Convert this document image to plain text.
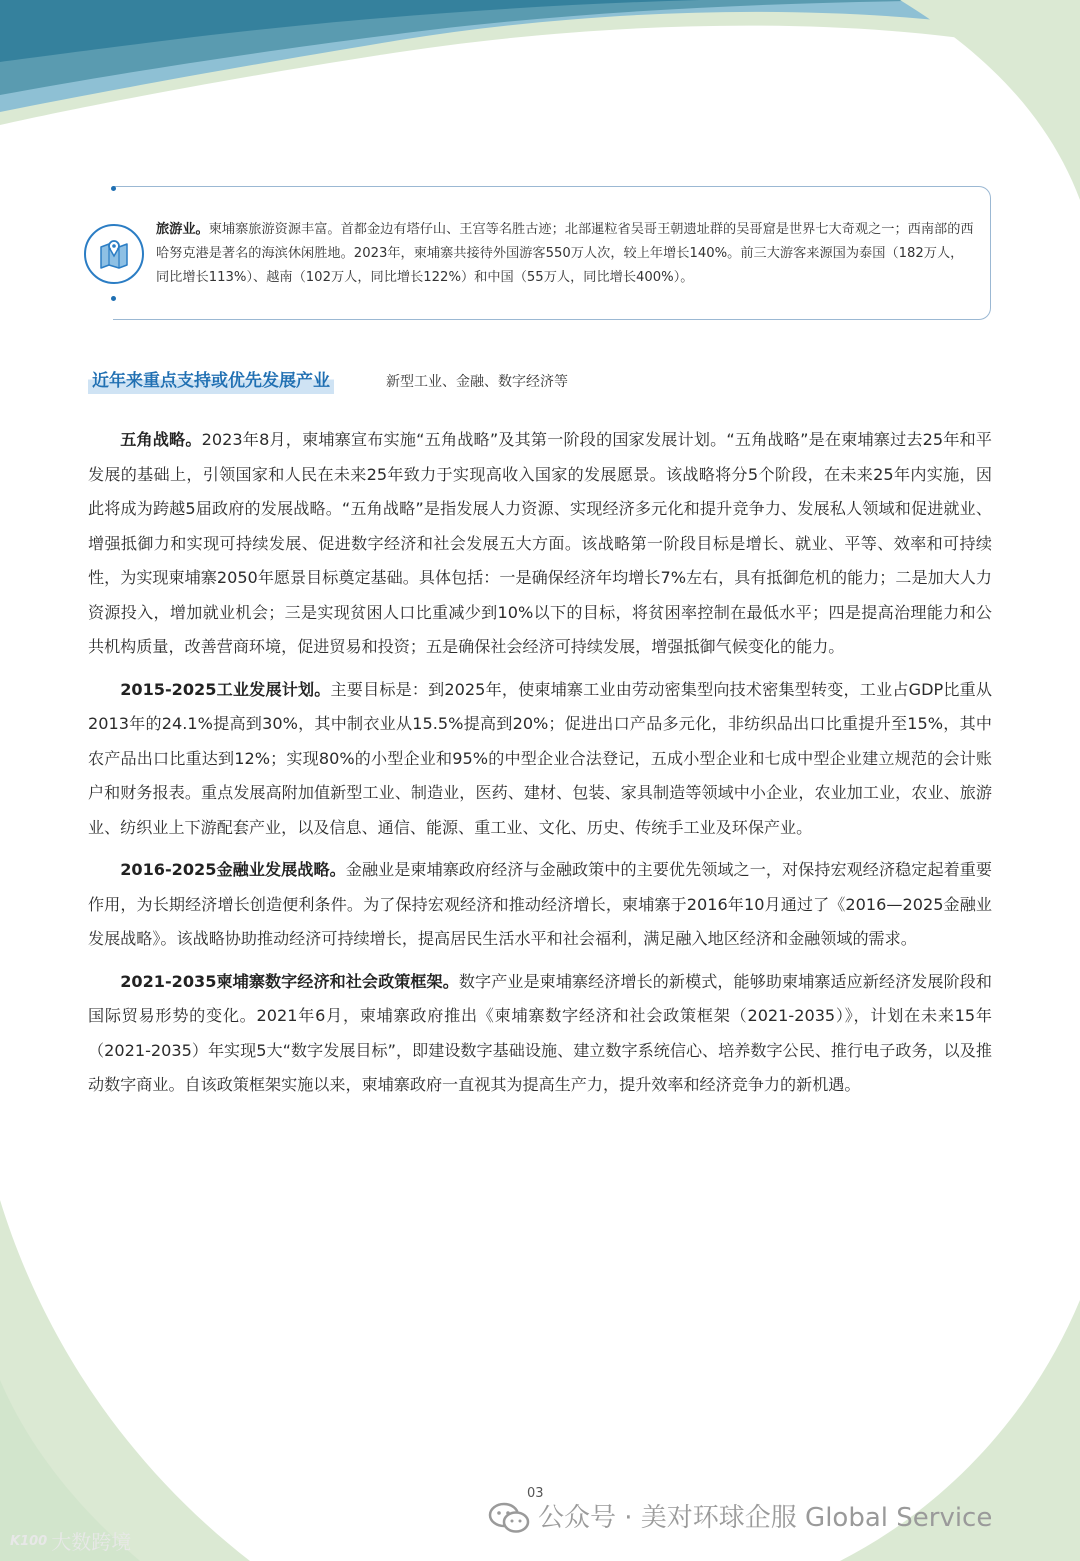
旅游业。柬埔寨旅游资源丰富。首都金边有塔仔山、王宫等名胜古迹；北部暹粒省吴哥王朝遗址群的吴哥窟是世界七大奇观之一；西南部的西哈努克港是著名的海滨休闲胜地。2023年，柬埔寨共接待外国游客550万人次，较上年增长140%。前三大游客来源国为泰国（182万人，同比增长113%）、越南（102万人，同比增长122%）和中国（55万人，同比增长400%）。
近年来重点支持或优先发展产业	新型工业、金融、数字经济等

五角战略。2023年8月，柬埔寨宣布实施“五角战略”及其第一阶段的国家发展计划。“五角战略”是在柬埔寨过去25年和平发展的基础上，引领国家和人民在未来25年致力于实现高收入国家的发展愿景。该战略将分5个阶段，在未来25年内实施，因此将成为跨越5届政府的发展战略。“五角战略”是指发展人力资源、实现经济多元化和提升竞争力、发展私人领域和促进就业、增强抵御力和实现可持续发展、促进数字经济和社会发展五大方面。该战略第一阶段目标是增长、就业、平等、效率和可持续性，为实现柬埔寨2050年愿景目标奠定基础。具体包括：一是确保经济年均增长7%左右，具有抵御危机的能力；二是加大人力资源投入，增加就业机会；三是实现贫困人口比重减少到10%以下的目标，将贫困率控制在最低水平；四是提高治理能力和公共机构质量，改善营商环境，促进贸易和投资；五是确保社会经济可持续发展，增强抵御气候变化的能力。

2015-2025工业发展计划。主要目标是：到2025年，使柬埔寨工业由劳动密集型向技术密集型转变，工业占GDP比重从2013年的24.1%提高到30%，其中制衣业从15.5%提高到20%；促进出口产品多元化，非纺织品出口比重提升至15%，其中农产品出口比重达到12%；实现80%的小型企业和95%的中型企业合法登记，五成小型企业和七成中型企业建立规范的会计账户和财务报表。重点发展高附加值新型工业、制造业，医药、建材、包装、家具制造等领域中小企业，农业加工业，农业、旅游业、纺织业上下游配套产业，以及信息、通信、能源、重工业、文化、历史、传统手工业及环保产业。

2016-2025金融业发展战略。金融业是柬埔寨政府经济与金融政策中的主要优先领域之一，对保持宏观经济稳定起着重要作用，为长期经济增长创造便利条件。为了保持宏观经济和推动经济增长，柬埔寨于2016年10月通过了《2016—2025金融业发展战略》。该战略协助推动经济可持续增长，提高居民生活水平和社会福利，满足融入地区经济和金融领域的需求。

2021-2035柬埔寨数字经济和社会政策框架。数字产业是柬埔寨经济增长的新模式，能够助柬埔寨适应新经济发展阶段和国际贸易形势的变化。2021年6月，柬埔寨政府推出《柬埔寨数字经济和社会政策框架（2021-2035）》，计划在未来15年（2021-2035）年实现5大“数字发展目标”，即建设数字基础设施、建立数字系统信心、培养数字公民、推行电子政务，以及推动数字商业。自该政策框架实施以来，柬埔寨政府一直视其为提高生产力，提升效率和经济竞争力的新机遇。

03
公众号 · 美对环球企服 Global Service
K100 大数跨境
